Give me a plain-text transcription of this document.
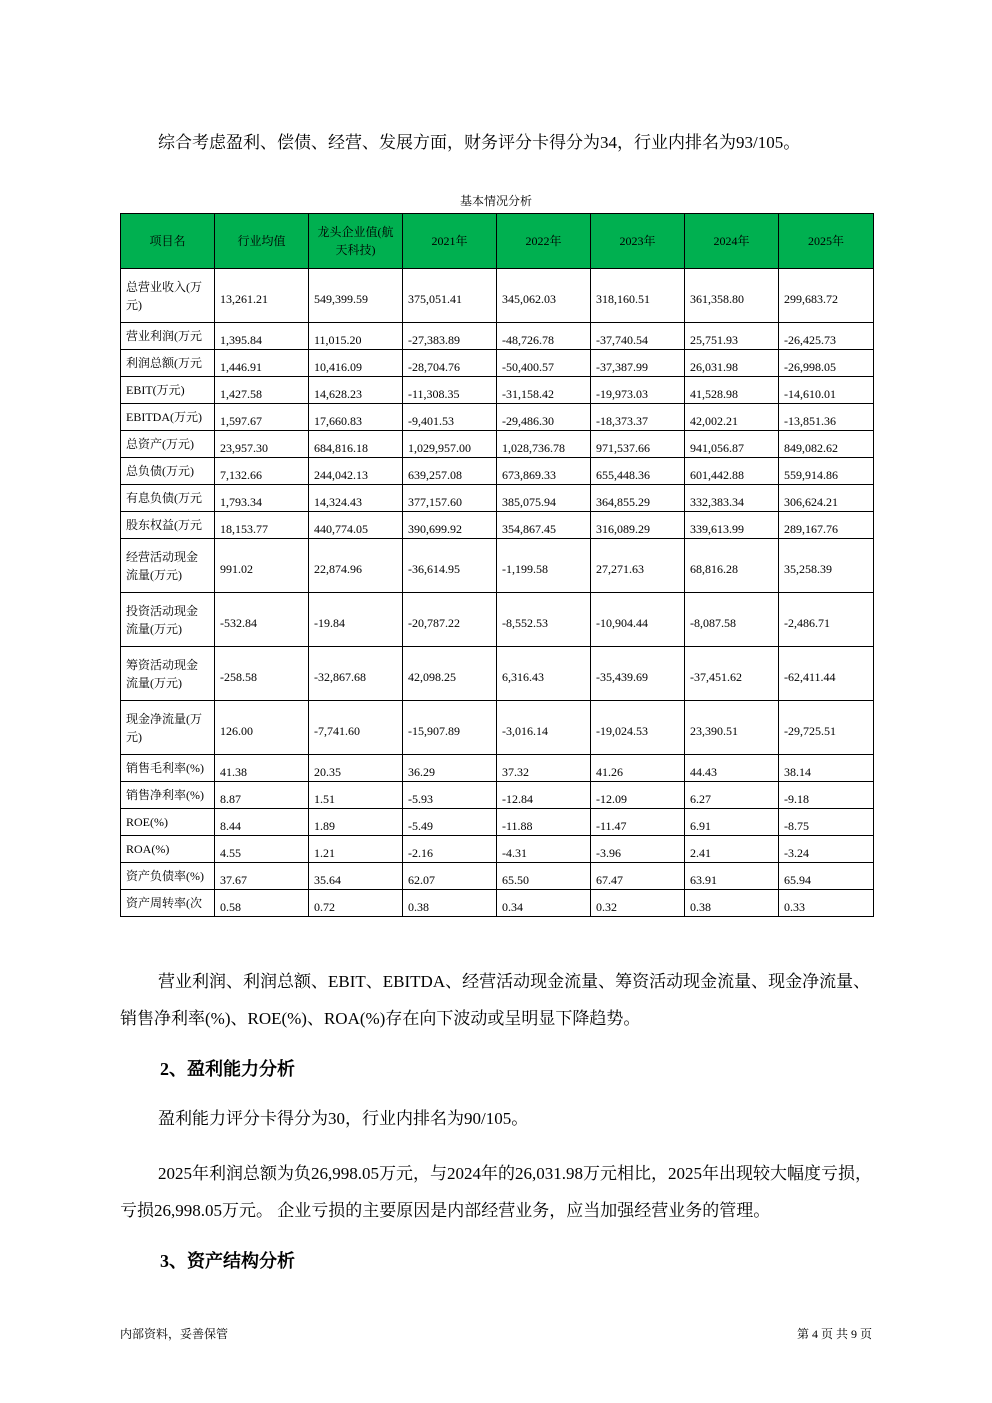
综合考虑盈利、偿债、经营、发展方面，财务评分卡得分为34，行业内排名为93/105。

基本情况分析
项目名	行业均值	龙头企业值(航天科技)	2021年	2022年	2023年	2024年	2025年
总营业收入(万元)	13,261.21	549,399.59	375,051.41	345,062.03	318,160.51	361,358.80	299,683.72
营业利润(万元	1,395.84	11,015.20	-27,383.89	-48,726.78	-37,740.54	25,751.93	-26,425.73
利润总额(万元	1,446.91	10,416.09	-28,704.76	-50,400.57	-37,387.99	26,031.98	-26,998.05
EBIT(万元)	1,427.58	14,628.23	-11,308.35	-31,158.42	-19,973.03	41,528.98	-14,610.01
EBITDA(万元)	1,597.67	17,660.83	-9,401.53	-29,486.30	-18,373.37	42,002.21	-13,851.36
总资产(万元)	23,957.30	684,816.18	1,029,957.00	1,028,736.78	971,537.66	941,056.87	849,082.62
总负债(万元)	7,132.66	244,042.13	639,257.08	673,869.33	655,448.36	601,442.88	559,914.86
有息负债(万元	1,793.34	14,324.43	377,157.60	385,075.94	364,855.29	332,383.34	306,624.21
股东权益(万元	18,153.77	440,774.05	390,699.92	354,867.45	316,089.29	339,613.99	289,167.76
经营活动现金流量(万元)	991.02	22,874.96	-36,614.95	-1,199.58	27,271.63	68,816.28	35,258.39
投资活动现金流量(万元)	-532.84	-19.84	-20,787.22	-8,552.53	-10,904.44	-8,087.58	-2,486.71
筹资活动现金流量(万元)	-258.58	-32,867.68	42,098.25	6,316.43	-35,439.69	-37,451.62	-62,411.44
现金净流量(万元)	126.00	-7,741.60	-15,907.89	-3,016.14	-19,024.53	23,390.51	-29,725.51
销售毛利率(%)	41.38	20.35	36.29	37.32	41.26	44.43	38.14
销售净利率(%)	8.87	1.51	-5.93	-12.84	-12.09	6.27	-9.18
ROE(%)	8.44	1.89	-5.49	-11.88	-11.47	6.91	-8.75
ROA(%)	4.55	1.21	-2.16	-4.31	-3.96	2.41	-3.24
资产负债率(%)	37.67	35.64	62.07	65.50	67.47	63.91	65.94
资产周转率(次	0.58	0.72	0.38	0.34	0.32	0.38	0.33

营业利润、利润总额、EBIT、EBITDA、经营活动现金流量、筹资活动现金流量、现金净流量、销售净利率(%)、ROE(%)、ROA(%)存在向下波动或呈明显下降趋势。

2、盈利能力分析

盈利能力评分卡得分为30，行业内排名为90/105。

2025年利润总额为负26,998.05万元，与2024年的26,031.98万元相比，2025年出现较大幅度亏损，亏损26,998.05万元。 企业亏损的主要原因是内部经营业务，应当加强经营业务的管理。

3、资产结构分析
内部资料，妥善保管	第 4 页 共 9 页
